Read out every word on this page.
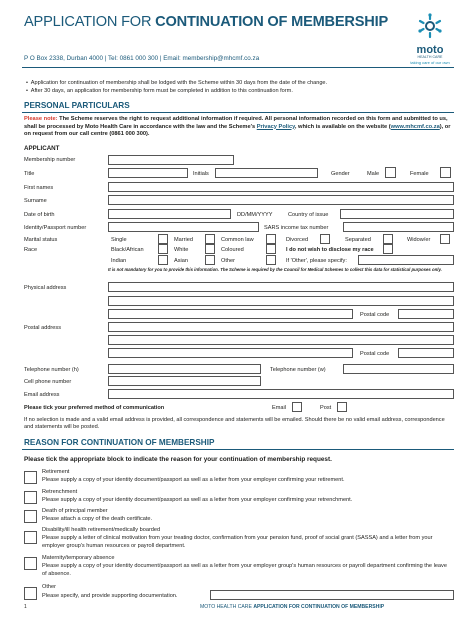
APPLICATION FOR CONTINUATION OF MEMBERSHIP
moto
HEALTH CARE
taking care of our own
P O Box 2338, Durban 4000 | Tel: 0861 000 300 | Email: membership@mhcmf.co.za
•  Application for continuation of membership shall be lodged with the Scheme within 30 days from the date of the change.
•  After 30 days, an application for membership form must be completed in addition to this continuation form.
PERSONAL PARTICULARS
Please note: The Scheme reserves the right to request additional information if required. All personal information recorded on this form and submitted to us, shall be processed by Moto Health Care in accordance with the law and the Scheme's Privacy Policy, which is available on the website (www.mhcmf.co.za), or on request from our call centre (0861 000 300).
APPLICANT
Membership number
Title	Initials	Gender	Male	Female
First names
Surname
Date of birth	DD/MM/YYYY	Country of issue
Identity/Passport number	SARS income tax number
Marital status	Single	Married	Common law	Divorced	Separated	Widow/er
Race	Black/African	White	Coloured	I do not wish to disclose my race
Indian	Asian	Other	If 'Other', please specify:
It is not mandatory for you to provide this information. The Scheme is required by the Council for Medical Schemes to collect this data for statistical purposes only.
Physical address
Postal code
Postal address
Postal code
Telephone number (h)	Telephone number (w)
Cell phone number
Email address
Please tick your preferred method of communication	Email	Post
If no selection is made and a valid email address is provided, all correspondence and statements will be emailed. Should there be no valid email address, correspondence and statements will be posted.
REASON FOR CONTINUATION OF MEMBERSHIP
Please tick the appropriate block to indicate the reason for your continuation of membership request.
Retirement
Please supply a copy of your identity document/passport as well as a letter from your employer confirming your retirement.
Retrenchment
Please supply a copy of your identity document/passport as well as a letter from your employer confirming your retrenchment.
Death of principal member
Please attach a copy of the death certificate.
Disability/ill health retirement/medically boarded
Please supply a letter of clinical motivation from your treating doctor, confirmation from your pension fund, proof of social grant (SASSA) and a letter from your employer group's human resources or payroll department.
Maternity/temporary absence
Please supply a copy of your identity document/passport as well as a letter from your employer group's human resources or payroll department confirming the leave of absence.
Other
Please specify, and provide supporting documentation.
1	MOTO HEALTH CARE APPLICATION FOR CONTINUATION OF MEMBERSHIP
